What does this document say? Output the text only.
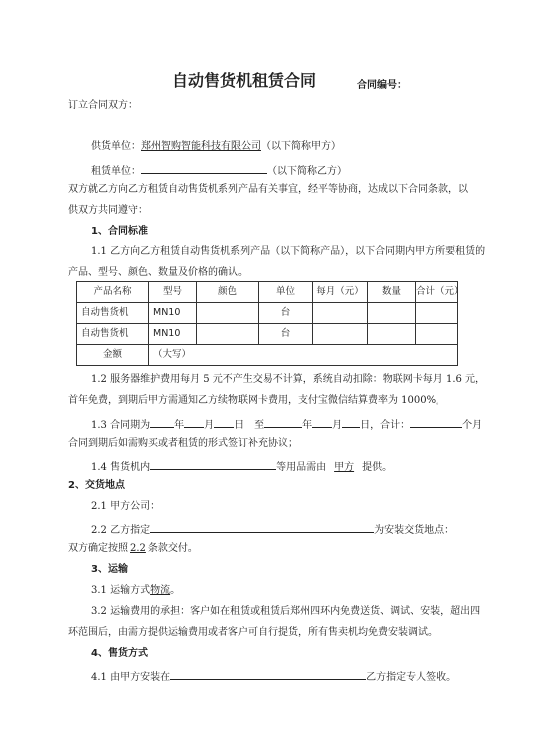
自动售货机租赁合同	合同编号：
订立合同双方：
供货单位：郑州智购智能科技有限公司（以下简称甲方）
租赁单位：	（以下简称乙方）
双方就乙方向乙方租赁自动售货机系列产品有关事宜，经平等协商，达成以下合同条款，以
供双方共同遵守：
1、合同标准
1.1 乙方向乙方租赁自动售货机系列产品（以下简称产品），以下合同期内甲方所要租赁的
产品、型号、颜色、数量及价格的确认。
产品名称	型号	颜色	单位	每月（元）	数量	合计（元）
自动售货机	MN10		台			
自动售货机	MN10		台			
金额	（大写）					
1.2 服务器维护费用每月 5 元不产生交易不计算，系统自动扣除：物联网卡每月 1.6 元，
首年免费，到期后甲方需通知乙方续物联网卡费用，支付宝微信结算费率为 1000%。
1.3 合同期为 年 月 日 至	年 月 日，合计：	个月
合同到期后如需购买或者租赁的形式签订补充协议；
1.4 售货机内	等用品需由 甲方 提供。
2、交货地点
2.1 甲方公司：
2.2 乙方指定	为安装交货地点：
双方确定按照 2.2 条款交付。
3、运输
3.1 运输方式物流。
3.2 运输费用的承担：客户如在租赁或租赁后郑州四环内免费送货、调试、安装，超出四
环范围后，由需方提供运输费用或者客户可自行提货，所有售卖机均免费安装调试。
4、售货方式
4.1 由甲方安装在	乙方指定专人签收。
